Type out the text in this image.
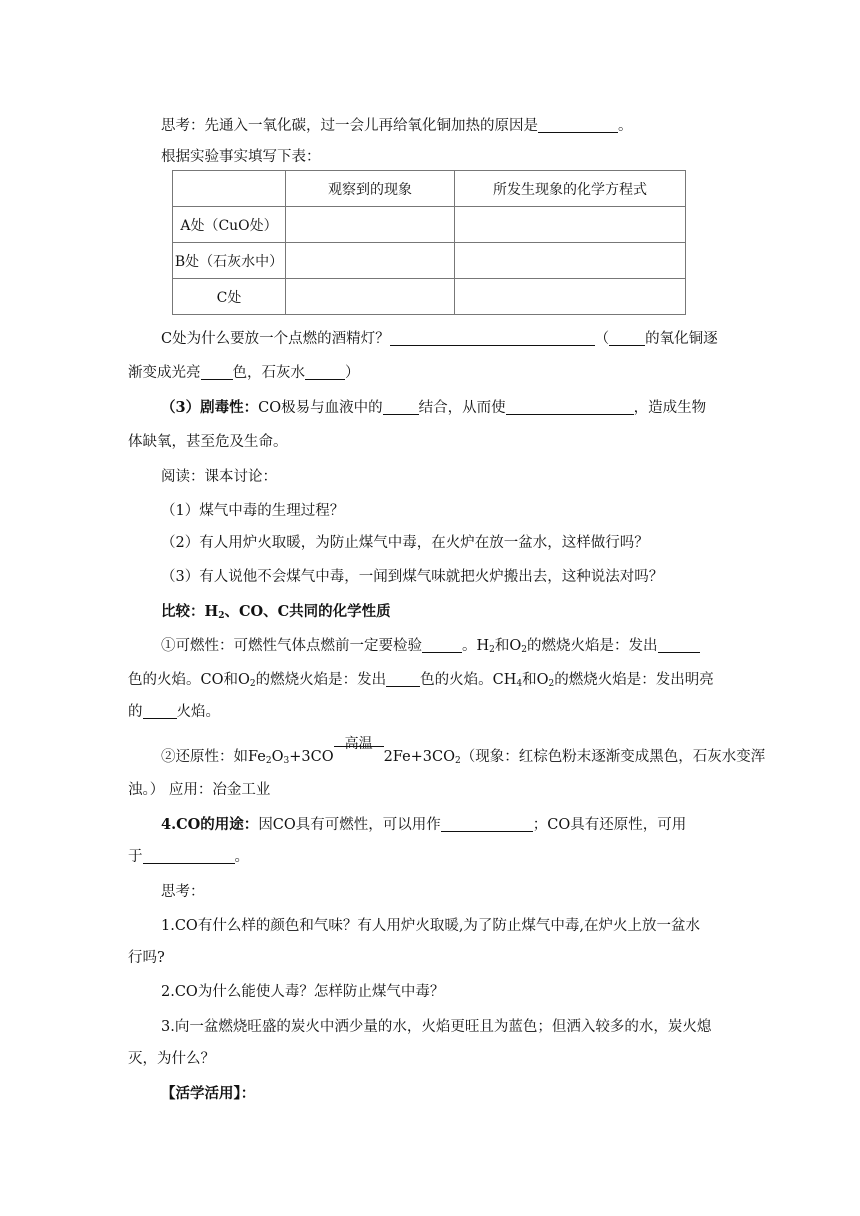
思考：先通入一氧化碳，过一会儿再给氧化铜加热的原因是	。
根据实验事实填写下表：
	观察到的现象	所发生现象的化学方程式
A处（CuO处）		
B处（石灰水中）		
C处		
C处为什么要放一个点燃的酒精灯？	（ 的氧化铜逐
渐变成光亮 色，石灰水	）
（3）剧毒性：CO极易与血液中的 结合，从而使	，造成生物
体缺氧，甚至危及生命。
阅读：课本讨论：
（1）煤气中毒的生理过程？
（2）有人用炉火取暖，为防止煤气中毒，在火炉在放一盆水，这样做行吗？
（3）有人说他不会煤气中毒，一闻到煤气味就把火炉搬出去，这种说法对吗？
比较：$H_2$、CO、C共同的化学性质
①可燃性：可燃性气体点燃前一定要检验	。$H_2$和$O_2$的燃烧火焰是：发出
色的火焰。CO和$O_2$的燃烧火焰是：发出 色的火焰。$CH_4$和$O_2$的燃烧火焰是：发出明亮
的 火焰。
②还原性：如$Fe_2O_3+3CO$
高温
$2Fe+3CO_2$（现象：红棕色粉末逐渐变成黑色，石灰水变浑
浊。） 应用：冶金工业
4.CO的用途：因CO具有可燃性，可以用作	；CO具有还原性，可用
于	。
思考：
1.CO有什么样的颜色和气味？有人用炉火取暖,为了防止煤气中毒,在炉火上放一盆水
行吗?
2.CO为什么能使人毒？怎样防止煤气中毒？
3.向一盆燃烧旺盛的炭火中洒少量的水，火焰更旺且为蓝色；但洒入较多的水，炭火熄
灭，为什么？
【活学活用】：
